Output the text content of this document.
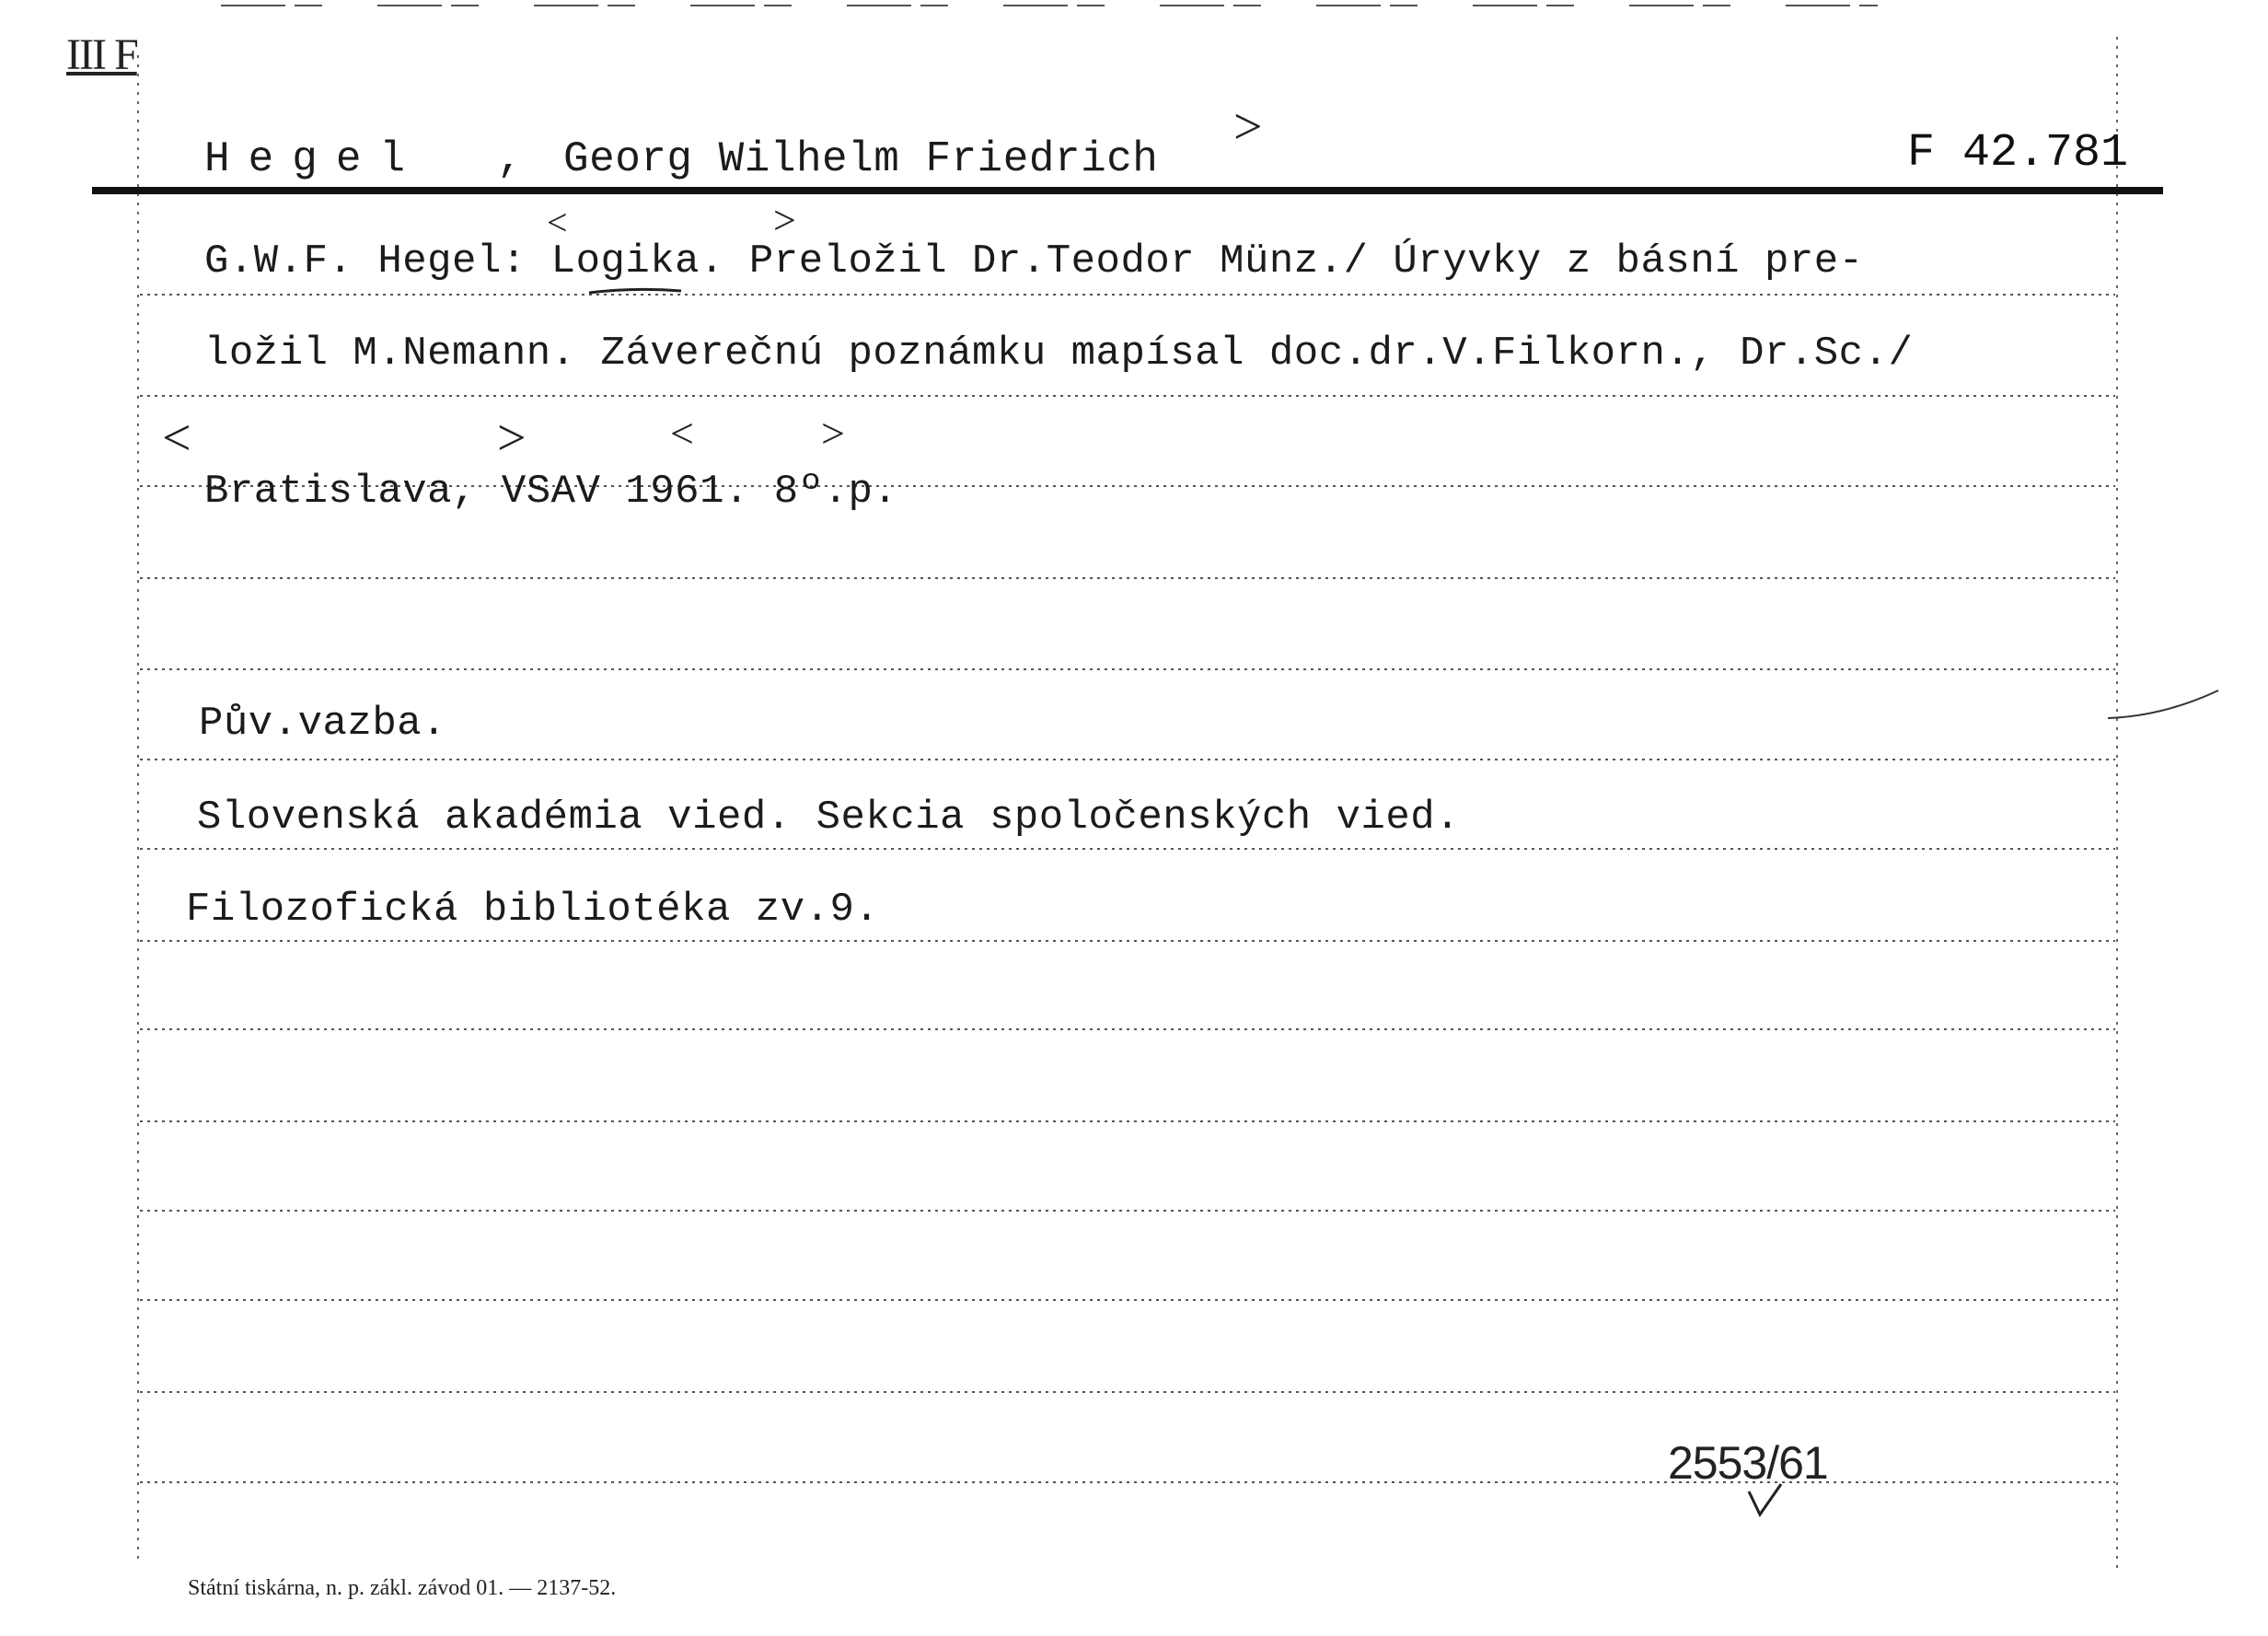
III F
Hegel , Georg Wilhelm Friedrich	F 42.781
>
<	>
<	>	<	>
G.W.F. Hegel: Logika. Preložil Dr.Teodor Münz./ Úryvky z básní pre-
ložil M.Nemann. Záverečnú poznámku mapísal doc.dr.V.Filkorn., Dr.Sc./
Bratislava, VSAV 1961. 8º.p.
Pův.vazba.
Slovenská akadémia vied. Sekcia spoločenských vied.
Filozofická bibliotéka zv.9.
2553/61
Státní tiskárna, n. p. zákl. závod 01. — 2137-52.
